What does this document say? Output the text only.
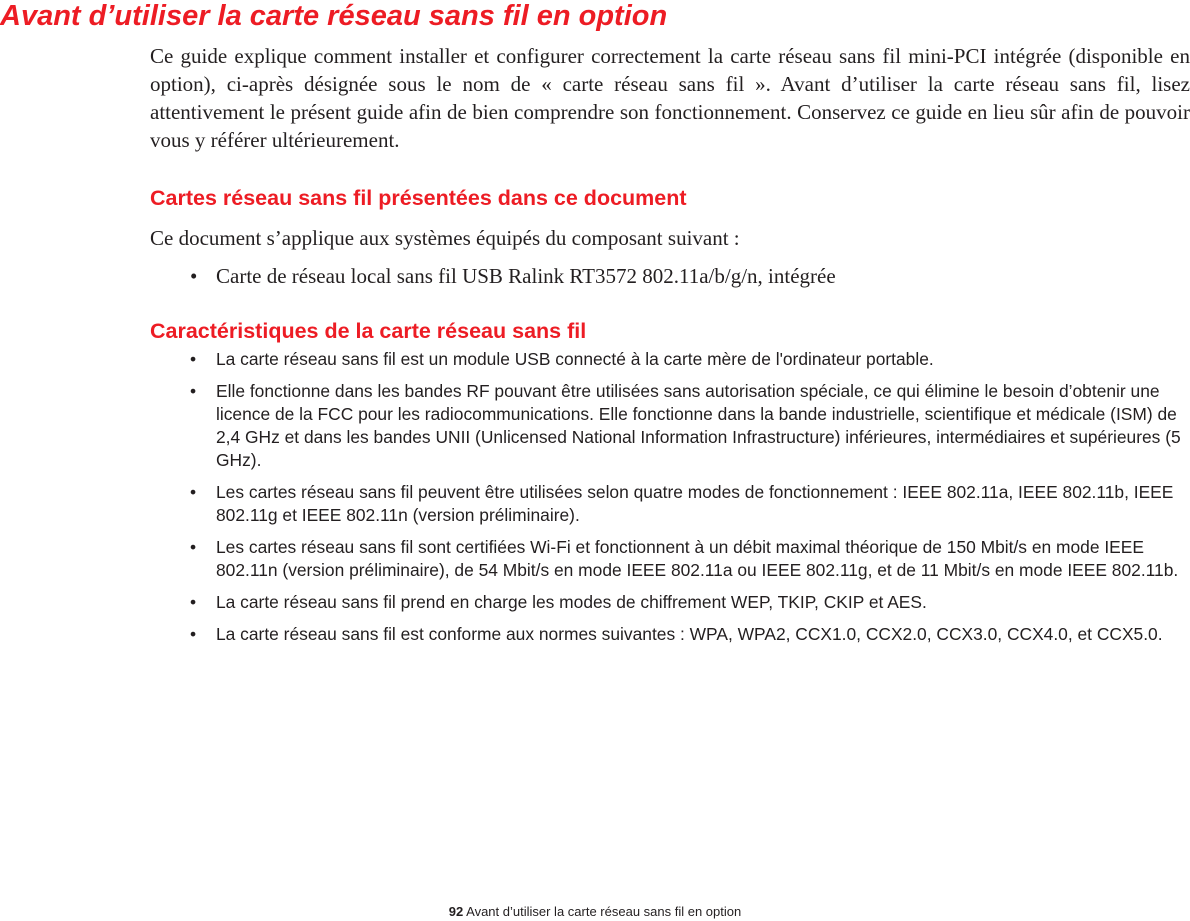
Avant d’utiliser la carte réseau sans fil en option

Ce guide explique comment installer et configurer correctement la carte réseau sans fil mini-PCI intégrée (disponible en option), ci-après désignée sous le nom de « carte réseau sans fil ». Avant d’utiliser la carte réseau sans fil, lisez attentivement le présent guide afin de bien comprendre son fonctionnement. Conservez ce guide en lieu sûr afin de pouvoir vous y référer ultérieurement.

Cartes réseau sans fil présentées dans ce document

Ce document s’applique aux systèmes équipés du composant suivant :

• Carte de réseau local sans fil USB Ralink RT3572 802.11a/b/g/n, intégrée
Caractéristiques de la carte réseau sans fil
• La carte réseau sans fil est un module USB connecté à la carte mère de l'ordinateur portable.
• Elle fonctionne dans les bandes RF pouvant être utilisées sans autorisation spéciale, ce qui élimine le besoin d’obtenir une licence de la FCC pour les radiocommunications. Elle fonctionne dans la bande industrielle, scientifique et médicale (ISM) de 2,4 GHz et dans les bandes UNII (Unlicensed National Information Infrastructure) inférieures, intermédiaires et supérieures (5 GHz).
• Les cartes réseau sans fil peuvent être utilisées selon quatre modes de fonctionnement : IEEE 802.11a, IEEE 802.11b, IEEE 802.11g et IEEE 802.11n (version préliminaire).
• Les cartes réseau sans fil sont certifiées Wi-Fi et fonctionnent à un débit maximal théorique de 150 Mbit/s en mode IEEE 802.11n (version préliminaire), de 54 Mbit/s en mode IEEE 802.11a ou IEEE 802.11g, et de 11 Mbit/s en mode IEEE 802.11b.
• La carte réseau sans fil prend en charge les modes de chiffrement WEP, TKIP, CKIP et AES.
• La carte réseau sans fil est conforme aux normes suivantes : WPA, WPA2, CCX1.0, CCX2.0, CCX3.0, CCX4.0, et CCX5.0.
92 Avant d’utiliser la carte réseau sans fil en option
